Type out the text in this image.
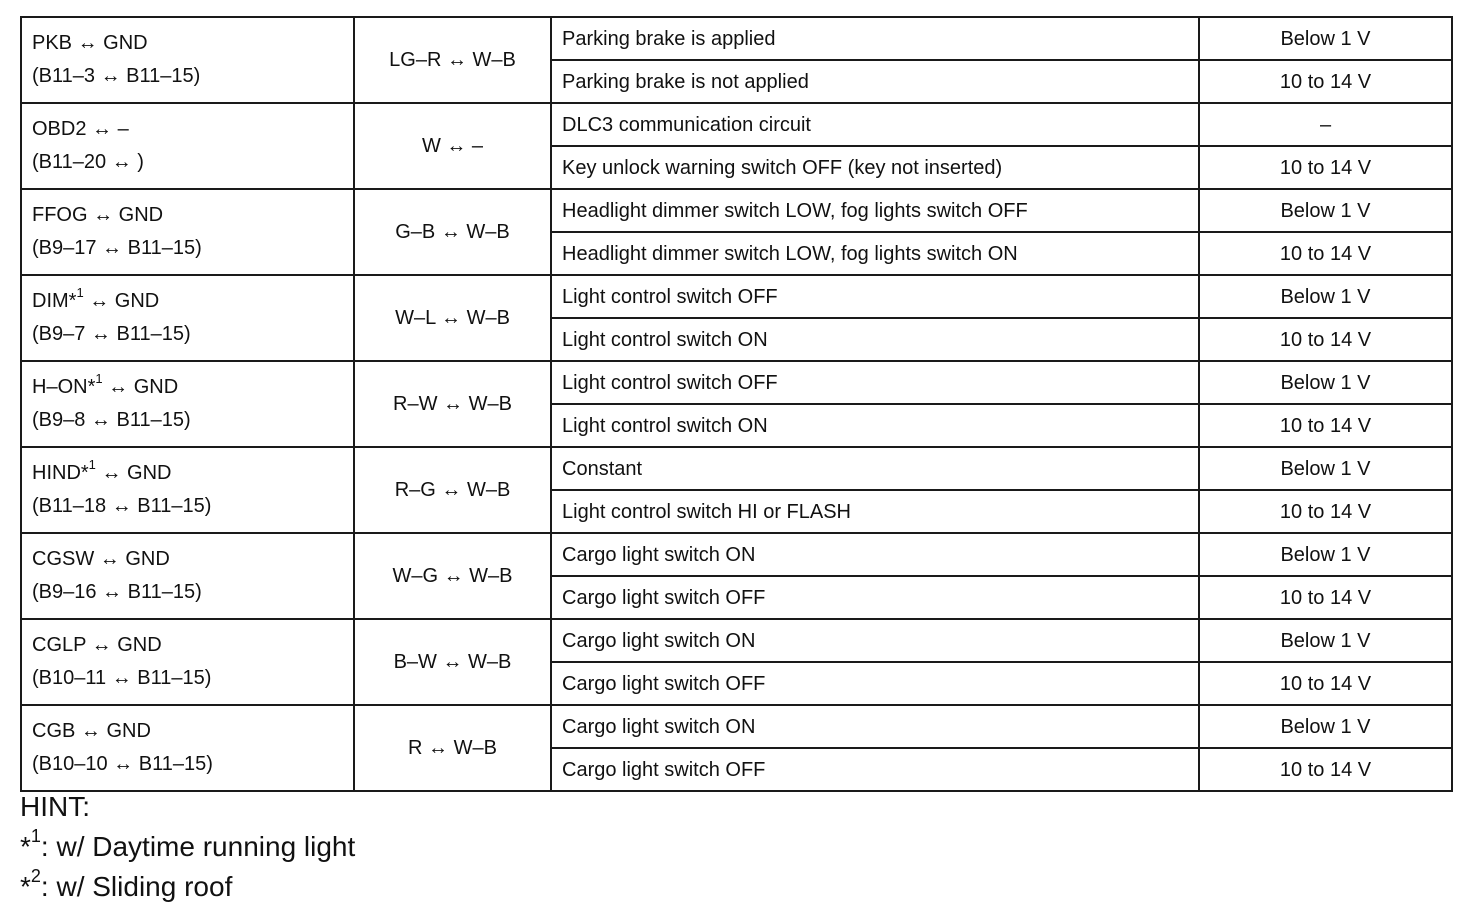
PKB ↔ GND
(B11–3 ↔ B11–15)	LG–R ↔ W–B	Parking brake is applied	Below 1 V
		Parking brake is not applied	10 to 14 V

OBD2 ↔ –
(B11–20 ↔ )	W ↔ –	DLC3 communication circuit	–
		Key unlock warning switch OFF (key not inserted)	10 to 14 V

FFOG ↔ GND
(B9–17 ↔ B11–15)	G–B ↔ W–B	Headlight dimmer switch LOW, fog lights switch OFF	Below 1 V
		Headlight dimmer switch LOW, fog lights switch ON	10 to 14 V

DIM*$^1$ ↔ GND
(B9–7 ↔ B11–15)	W–L ↔ W–B	Light control switch OFF	Below 1 V
		Light control switch ON	10 to 14 V

H–ON*$^1$ ↔ GND
(B9–8 ↔ B11–15)	R–W ↔ W–B	Light control switch OFF	Below 1 V
		Light control switch ON	10 to 14 V

HIND*$^1$ ↔ GND
(B11–18 ↔ B11–15)	R–G ↔ W–B	Constant	Below 1 V
		Light control switch HI or FLASH	10 to 14 V

CGSW ↔ GND
(B9–16 ↔ B11–15)	W–G ↔ W–B	Cargo light switch ON	Below 1 V
		Cargo light switch OFF	10 to 14 V

CGLP ↔ GND
(B10–11 ↔ B11–15)	B–W ↔ W–B	Cargo light switch ON	Below 1 V
		Cargo light switch OFF	10 to 14 V

CGB ↔ GND
(B10–10 ↔ B11–15)	R ↔ W–B	Cargo light switch ON	Below 1 V
		Cargo light switch OFF	10 to 14 V
HINT:
*$^1$: w/ Daytime running light
*$^2$: w/ Sliding roof
